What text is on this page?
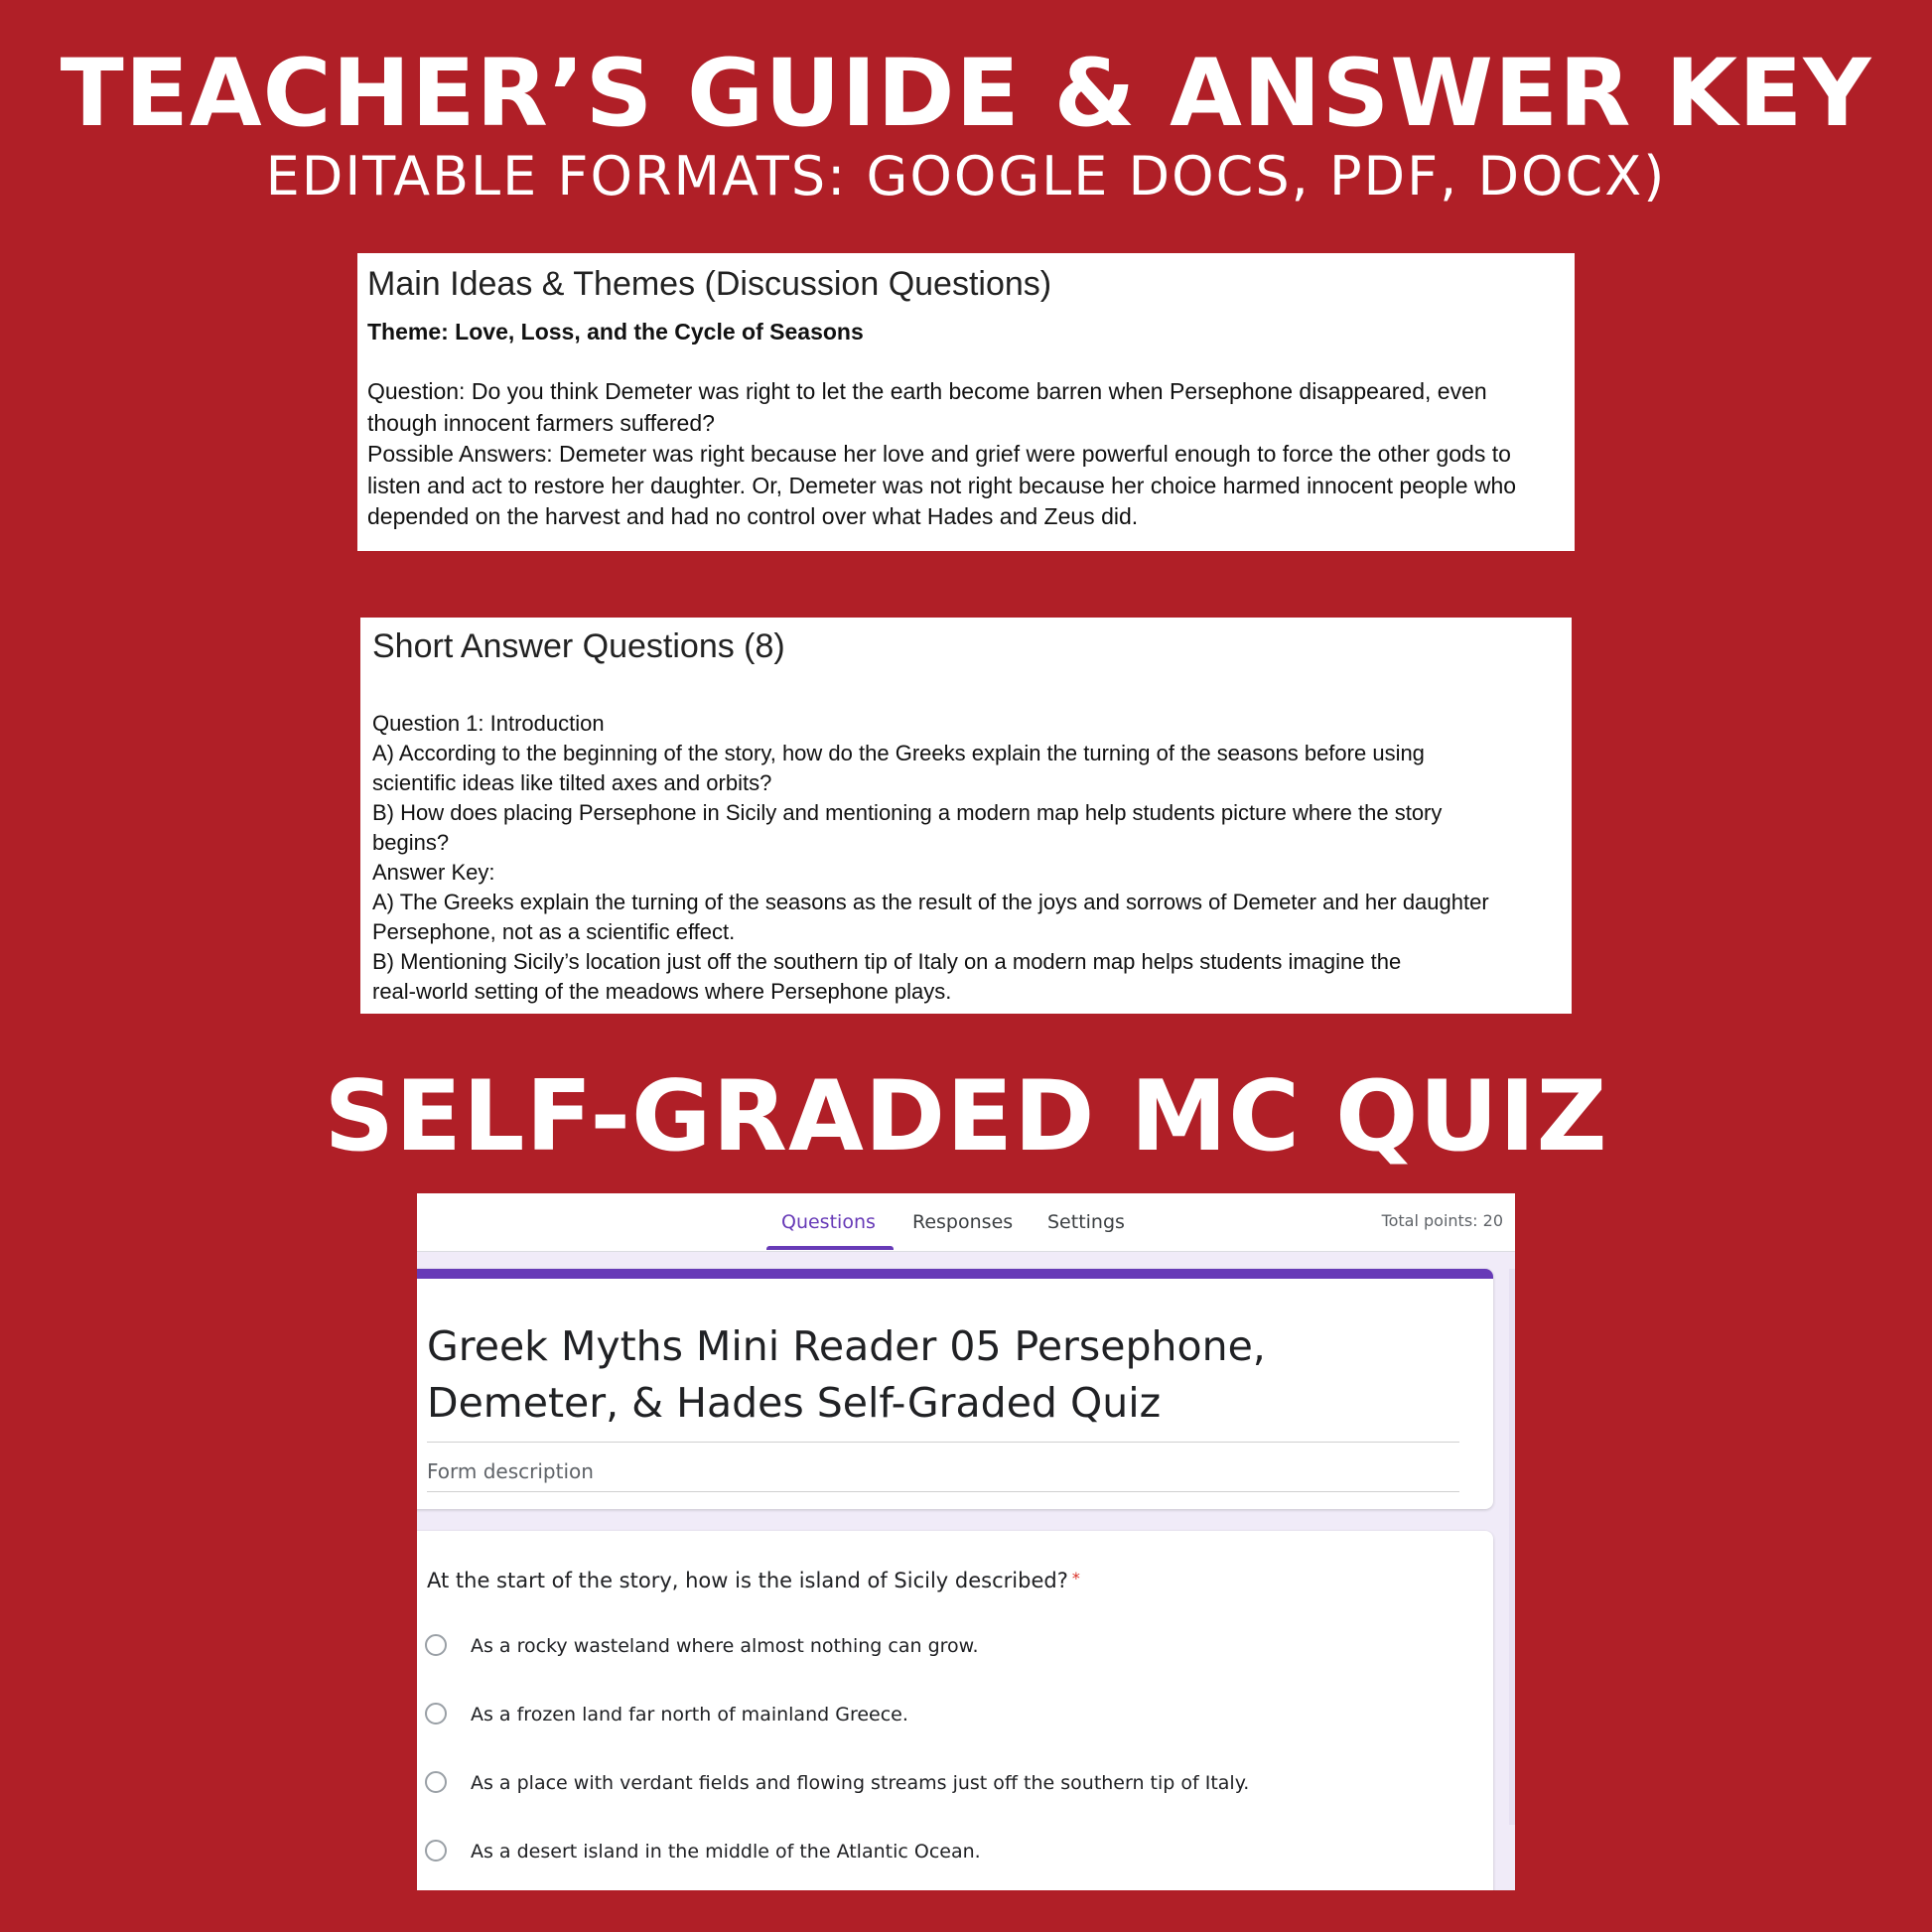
TEACHER’S GUIDE & ANSWER KEY
EDITABLE FORMATS: GOOGLE DOCS, PDF, DOCX)
Main Ideas & Themes (Discussion Questions)
Theme: Love, Loss, and the Cycle of Seasons

Question: Do you think Demeter was right to let the earth become barren when Persephone disappeared, even

though innocent farmers suffered?

Possible Answers: Demeter was right because her love and grief were powerful enough to force the other gods to

listen and act to restore her daughter. Or, Demeter was not right because her choice harmed innocent people who

depended on the harvest and had no control over what Hades and Zeus did.

Short Answer Questions (8)

Question 1: Introduction

A) According to the beginning of the story, how do the Greeks explain the turning of the seasons before using

scientific ideas like tilted axes and orbits?

B) How does placing Persephone in Sicily and mentioning a modern map help students picture where the story

begins?

Answer Key:

A) The Greeks explain the turning of the seasons as the result of the joys and sorrows of Demeter and her daughter

Persephone, not as a scientific effect.

B) Mentioning Sicily’s location just off the southern tip of Italy on a modern map helps students imagine the

real-world setting of the meadows where Persephone plays.

SELF-GRADED MC QUIZ
Questions Responses Settings	Total points: 20
Greek Myths Mini Reader 05 Persephone, Demeter, & Hades Self-Graded Quiz
Form description
At the start of the story, how is the island of Sicily described? *
As a rocky wasteland where almost nothing can grow.
As a frozen land far north of mainland Greece.
As a place with verdant fields and flowing streams just off the southern tip of Italy.
As a desert island in the middle of the Atlantic Ocean.
